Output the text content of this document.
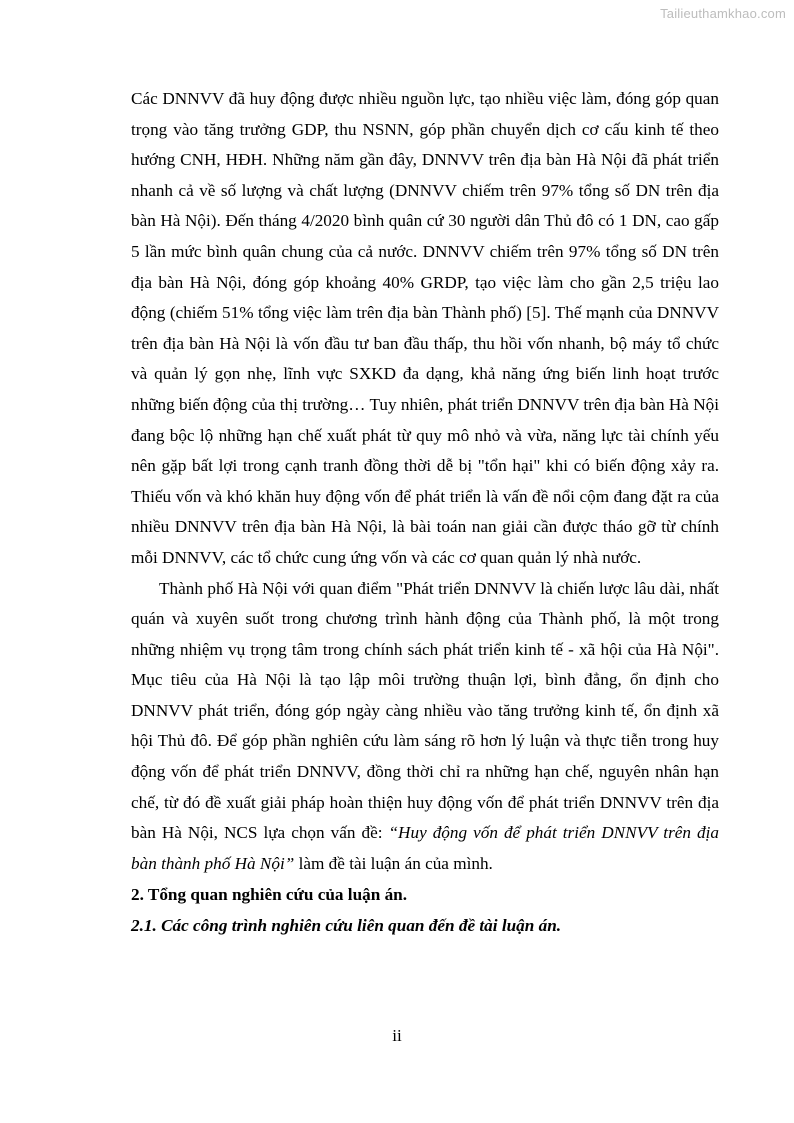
Tailieuthamkhao.com

Các DNNVV đã huy động được nhiều nguồn lực, tạo nhiều việc làm, đóng góp quan trọng vào tăng trưởng GDP, thu NSNN, góp phần chuyển dịch cơ cấu kinh tế theo hướng CNH, HĐH. Những năm gần đây, DNNVV trên địa bàn Hà Nội đã phát triển nhanh cả về số lượng và chất lượng (DNNVV chiếm trên 97% tổng số DN trên địa bàn Hà Nội). Đến tháng 4/2020 bình quân cứ 30 người dân Thủ đô có 1 DN, cao gấp 5 lần mức bình quân chung của cả nước. DNNVV chiếm trên 97% tổng số DN trên địa bàn Hà Nội, đóng góp khoảng 40% GRDP, tạo việc làm cho gần 2,5 triệu lao động (chiếm 51% tổng việc làm trên địa bàn Thành phố) [5]. Thế mạnh của DNNVV trên địa bàn Hà Nội là vốn đầu tư ban đầu thấp, thu hồi vốn nhanh, bộ máy tổ chức và quản lý gọn nhẹ, lĩnh vực SXKD đa dạng, khả năng ứng biến linh hoạt trước những biến động của thị trường… Tuy nhiên, phát triển DNNVV trên địa bàn Hà Nội đang bộc lộ những hạn chế xuất phát từ quy mô nhỏ và vừa, năng lực tài chính yếu nên gặp bất lợi trong cạnh tranh đồng thời dễ bị "tổn hại" khi có biến động xảy ra. Thiếu vốn và khó khăn huy động vốn để phát triển là vấn đề nổi cộm đang đặt ra của nhiều DNNVV trên địa bàn Hà Nội, là bài toán nan giải cần được tháo gỡ từ chính mỗi DNNVV, các tổ chức cung ứng vốn và các cơ quan quản lý nhà nước.

Thành phố Hà Nội với quan điểm "Phát triển DNNVV là chiến lược lâu dài, nhất quán và xuyên suốt trong chương trình hành động của Thành phố, là một trong những nhiệm vụ trọng tâm trong chính sách phát triển kinh tế - xã hội của Hà Nội". Mục tiêu của Hà Nội là tạo lập môi trường thuận lợi, bình đẳng, ổn định cho DNNVV phát triển, đóng góp ngày càng nhiều vào tăng trưởng kinh tế, ổn định xã hội Thủ đô. Để góp phần nghiên cứu làm sáng rõ hơn lý luận và thực tiễn trong huy động vốn để phát triển DNNVV, đồng thời chỉ ra những hạn chế, nguyên nhân hạn chế, từ đó đề xuất giải pháp hoàn thiện huy động vốn để phát triển DNNVV trên địa bàn Hà Nội, NCS lựa chọn vấn đề: “Huy động vốn để phát triển DNNVV trên địa bàn thành phố Hà Nội” làm đề tài luận án của mình.

2. Tổng quan nghiên cứu của luận án.

2.1. Các công trình nghiên cứu liên quan đến đề tài luận án.

ii
